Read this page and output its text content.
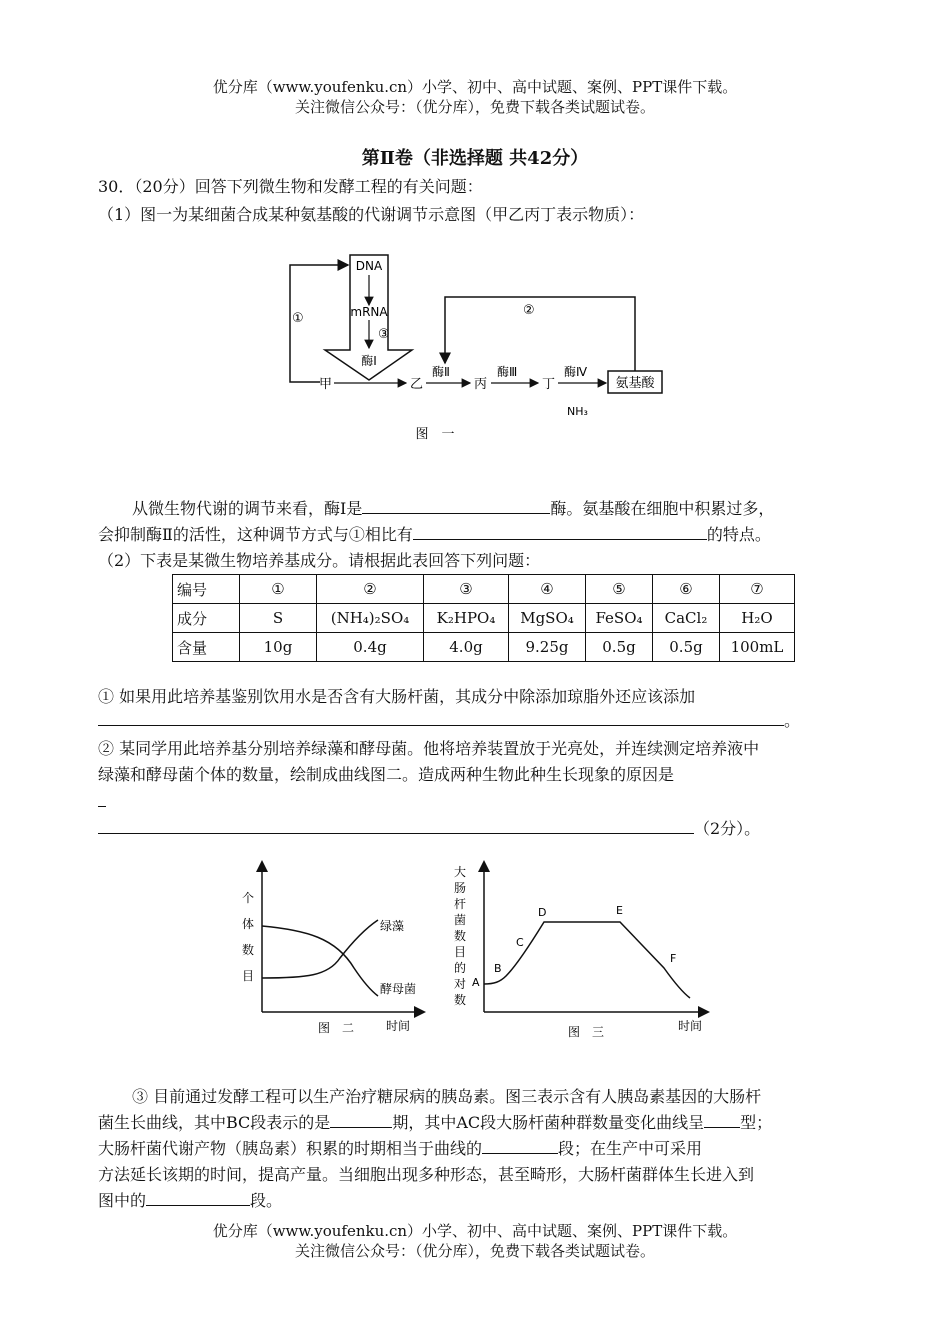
优分库（www.youfenku.cn）小学、初中、高中试题、案例、PPT课件下载。
关注微信公众号：（优分库），免费下载各类试题试卷。
第Ⅱ卷（非选择题 共42分）
30．（20分）回答下列微生物和发酵工程的有关问题：
（1）图一为某细菌合成某种氨基酸的代谢调节示意图（甲乙丙丁表示物质）：
DNA
mRNA
③
酶Ⅰ
①
甲	乙
酶Ⅱ
丙
酶Ⅲ
丁
酶Ⅳ
氨基酸
NH₃
②
图　一
从微生物代谢的调节来看，酶Ⅰ是	酶。氨基酸在细胞中积累过多，
会抑制酶Ⅱ的活性，这种调节方式与①相比有	的特点。
（2）下表是某微生物培养基成分。请根据此表回答下列问题：
编号	①	②	③	④	⑤	⑥	⑦
成分	S	(NH₄)₂SO₄	K₂HPO₄	MgSO₄	FeSO₄	CaCl₂	H₂O
含量	10g	0.4g	4.0g	9.25g	0.5g	0.5g	100mL
① 如果用此培养基鉴别饮用水是否含有大肠杆菌，其成分中除添加琼脂外还应该添加
。
② 某同学用此培养基分别培养绿藻和酵母菌。他将培养装置放于光亮处，并连续测定培养液中
绿藻和酵母菌个体的数量，绘制成曲线图二。造成两种生物此种生长现象的原因是
（2分）。
个
体
数
目
绿藻
酵母菌
图　二	时间
大
肠
杆
菌
数
目
的
对
数
A
B
C
D	E
F
图　三	时间
③ 目前通过发酵工程可以生产治疗糖尿病的胰岛素。图三表示含有人胰岛素基因的大肠杆
菌生长曲线，其中BC段表示的是	期，其中AC段大肠杆菌种群数量变化曲线呈 型；
大肠杆菌代谢产物（胰岛素）积累的时期相当于曲线的	段；在生产中可采用
方法延长该期的时间，提高产量。当细胞出现多种形态，甚至畸形，大肠杆菌群体生长进入到
图中的	段。
优分库（www.youfenku.cn）小学、初中、高中试题、案例、PPT课件下载。
关注微信公众号：（优分库），免费下载各类试题试卷。
